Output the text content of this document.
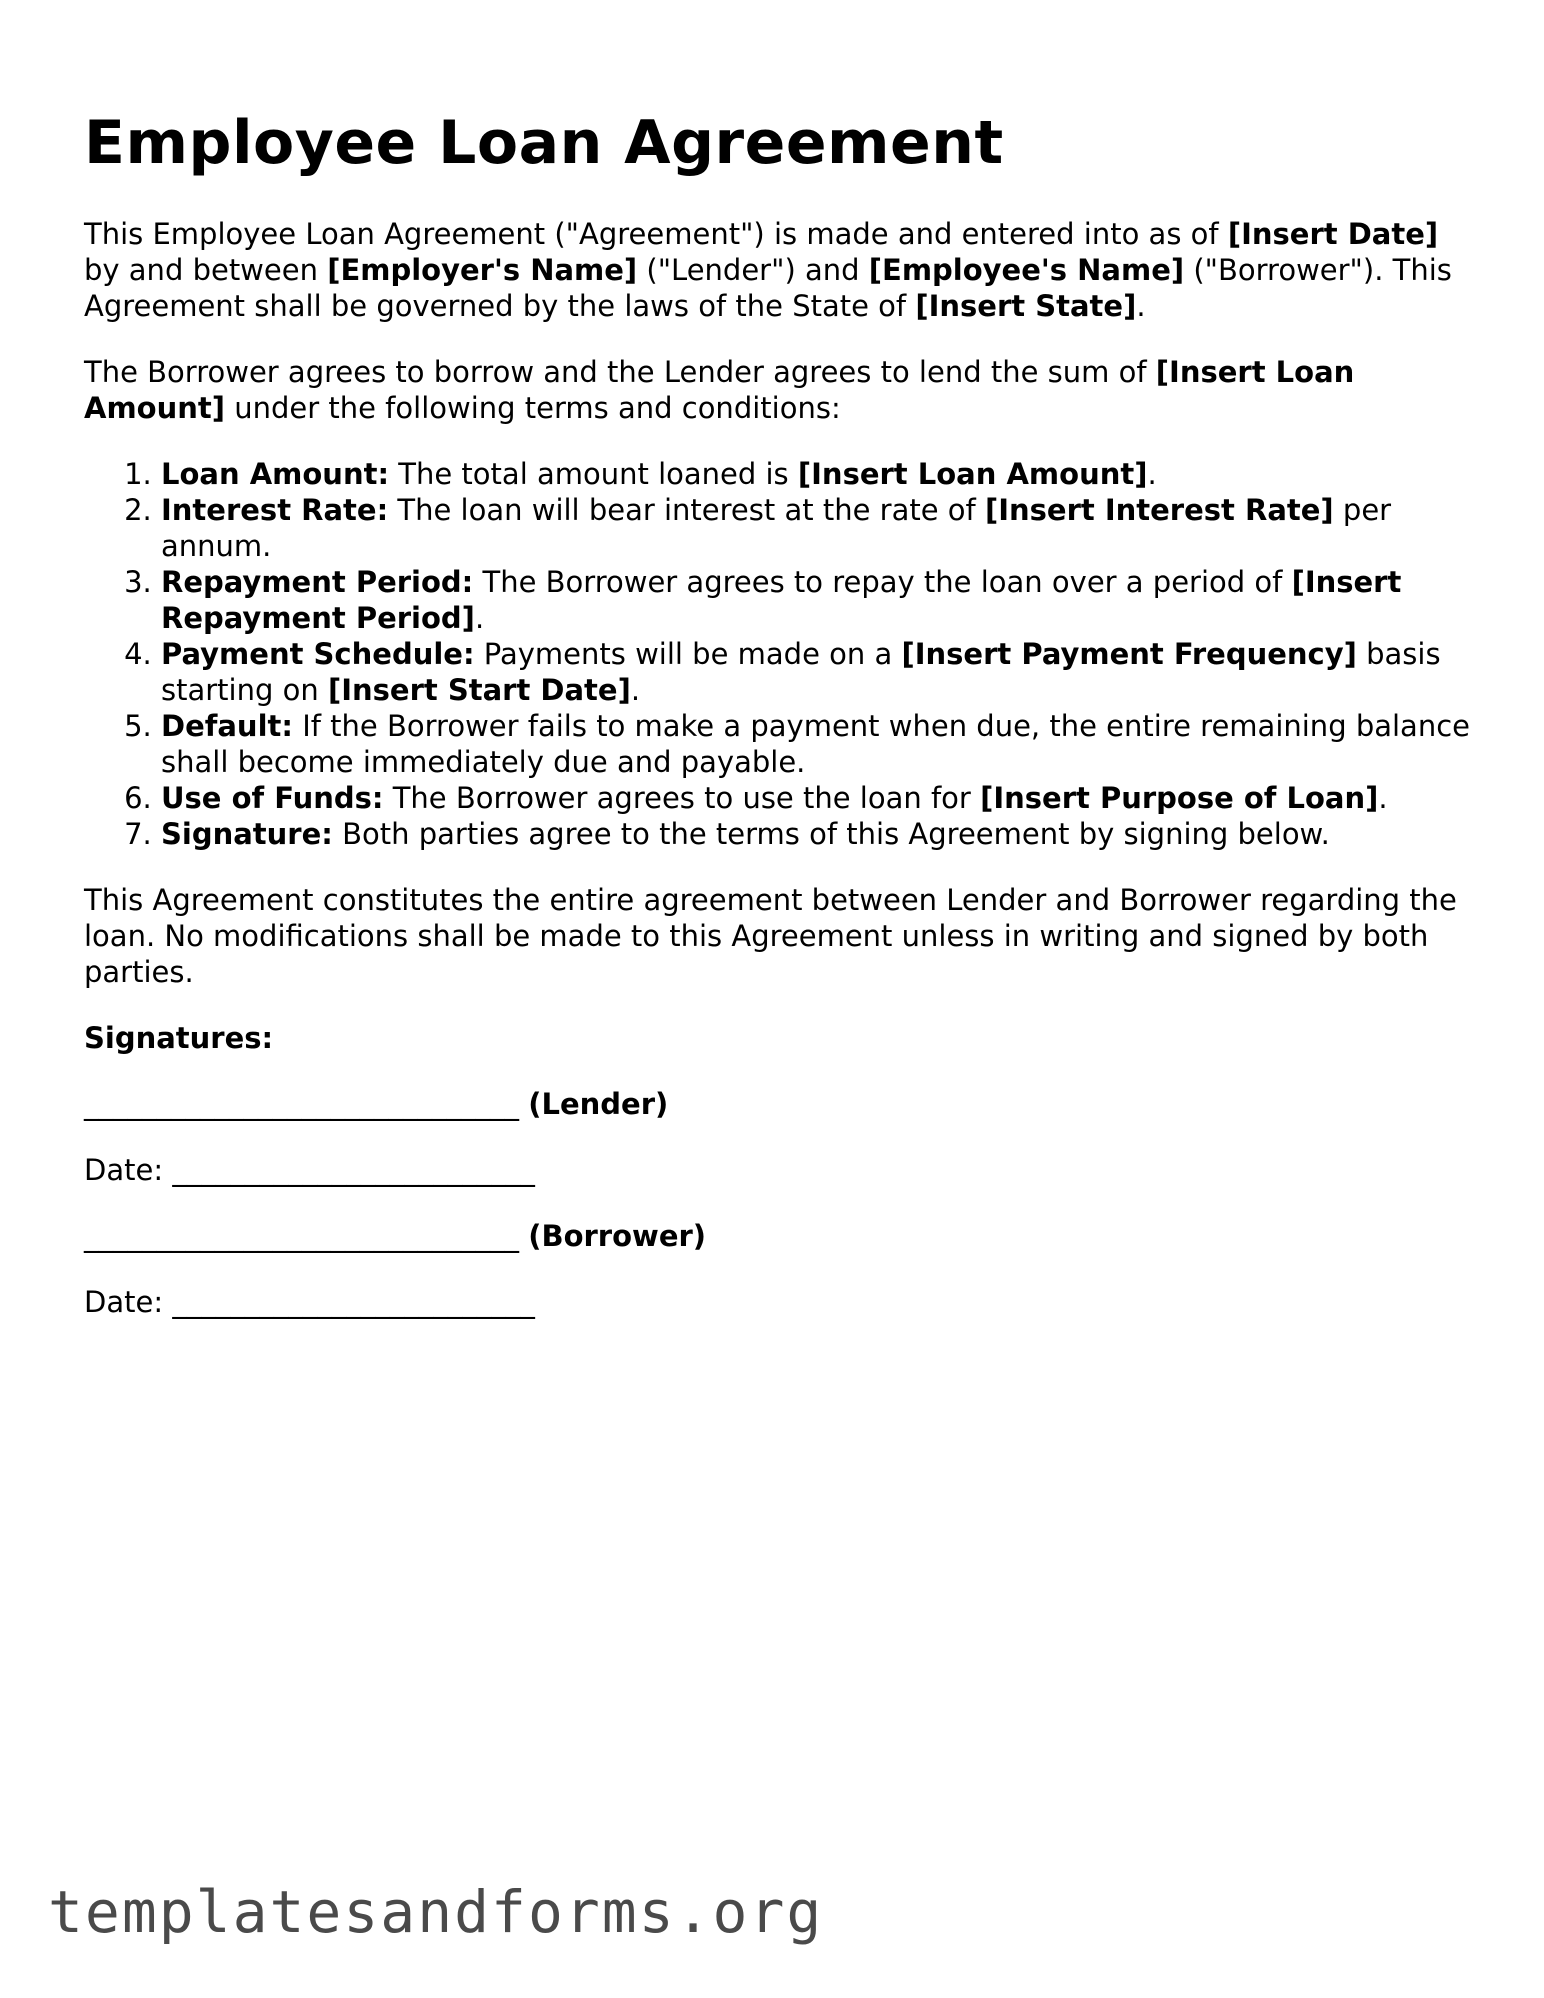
Employee Loan Agreement

This Employee Loan Agreement ("Agreement") is made and entered into as of [Insert Date] by and between [Employer's Name] ("Lender") and [Employee's Name] ("Borrower"). This Agreement shall be governed by the laws of the State of [Insert State].

The Borrower agrees to borrow and the Lender agrees to lend the sum of [Insert Loan Amount] under the following terms and conditions:

1. Loan Amount: The total amount loaned is [Insert Loan Amount].
2. Interest Rate: The loan will bear interest at the rate of [Insert Interest Rate] per annum.
3. Repayment Period: The Borrower agrees to repay the loan over a period of [Insert Repayment Period].
4. Payment Schedule: Payments will be made on a [Insert Payment Frequency] basis starting on [Insert Start Date].
5. Default: If the Borrower fails to make a payment when due, the entire remaining balance shall become immediately due and payable.
6. Use of Funds: The Borrower agrees to use the loan for [Insert Purpose of Loan].
7. Signature: Both parties agree to the terms of this Agreement by signing below.

This Agreement constitutes the entire agreement between Lender and Borrower regarding the loan. No modifications shall be made to this Agreement unless in writing and signed by both parties.

Signatures:

______________________________ (Lender)

Date: _________________________

______________________________ (Borrower)

Date: _________________________

templatesandforms.org
